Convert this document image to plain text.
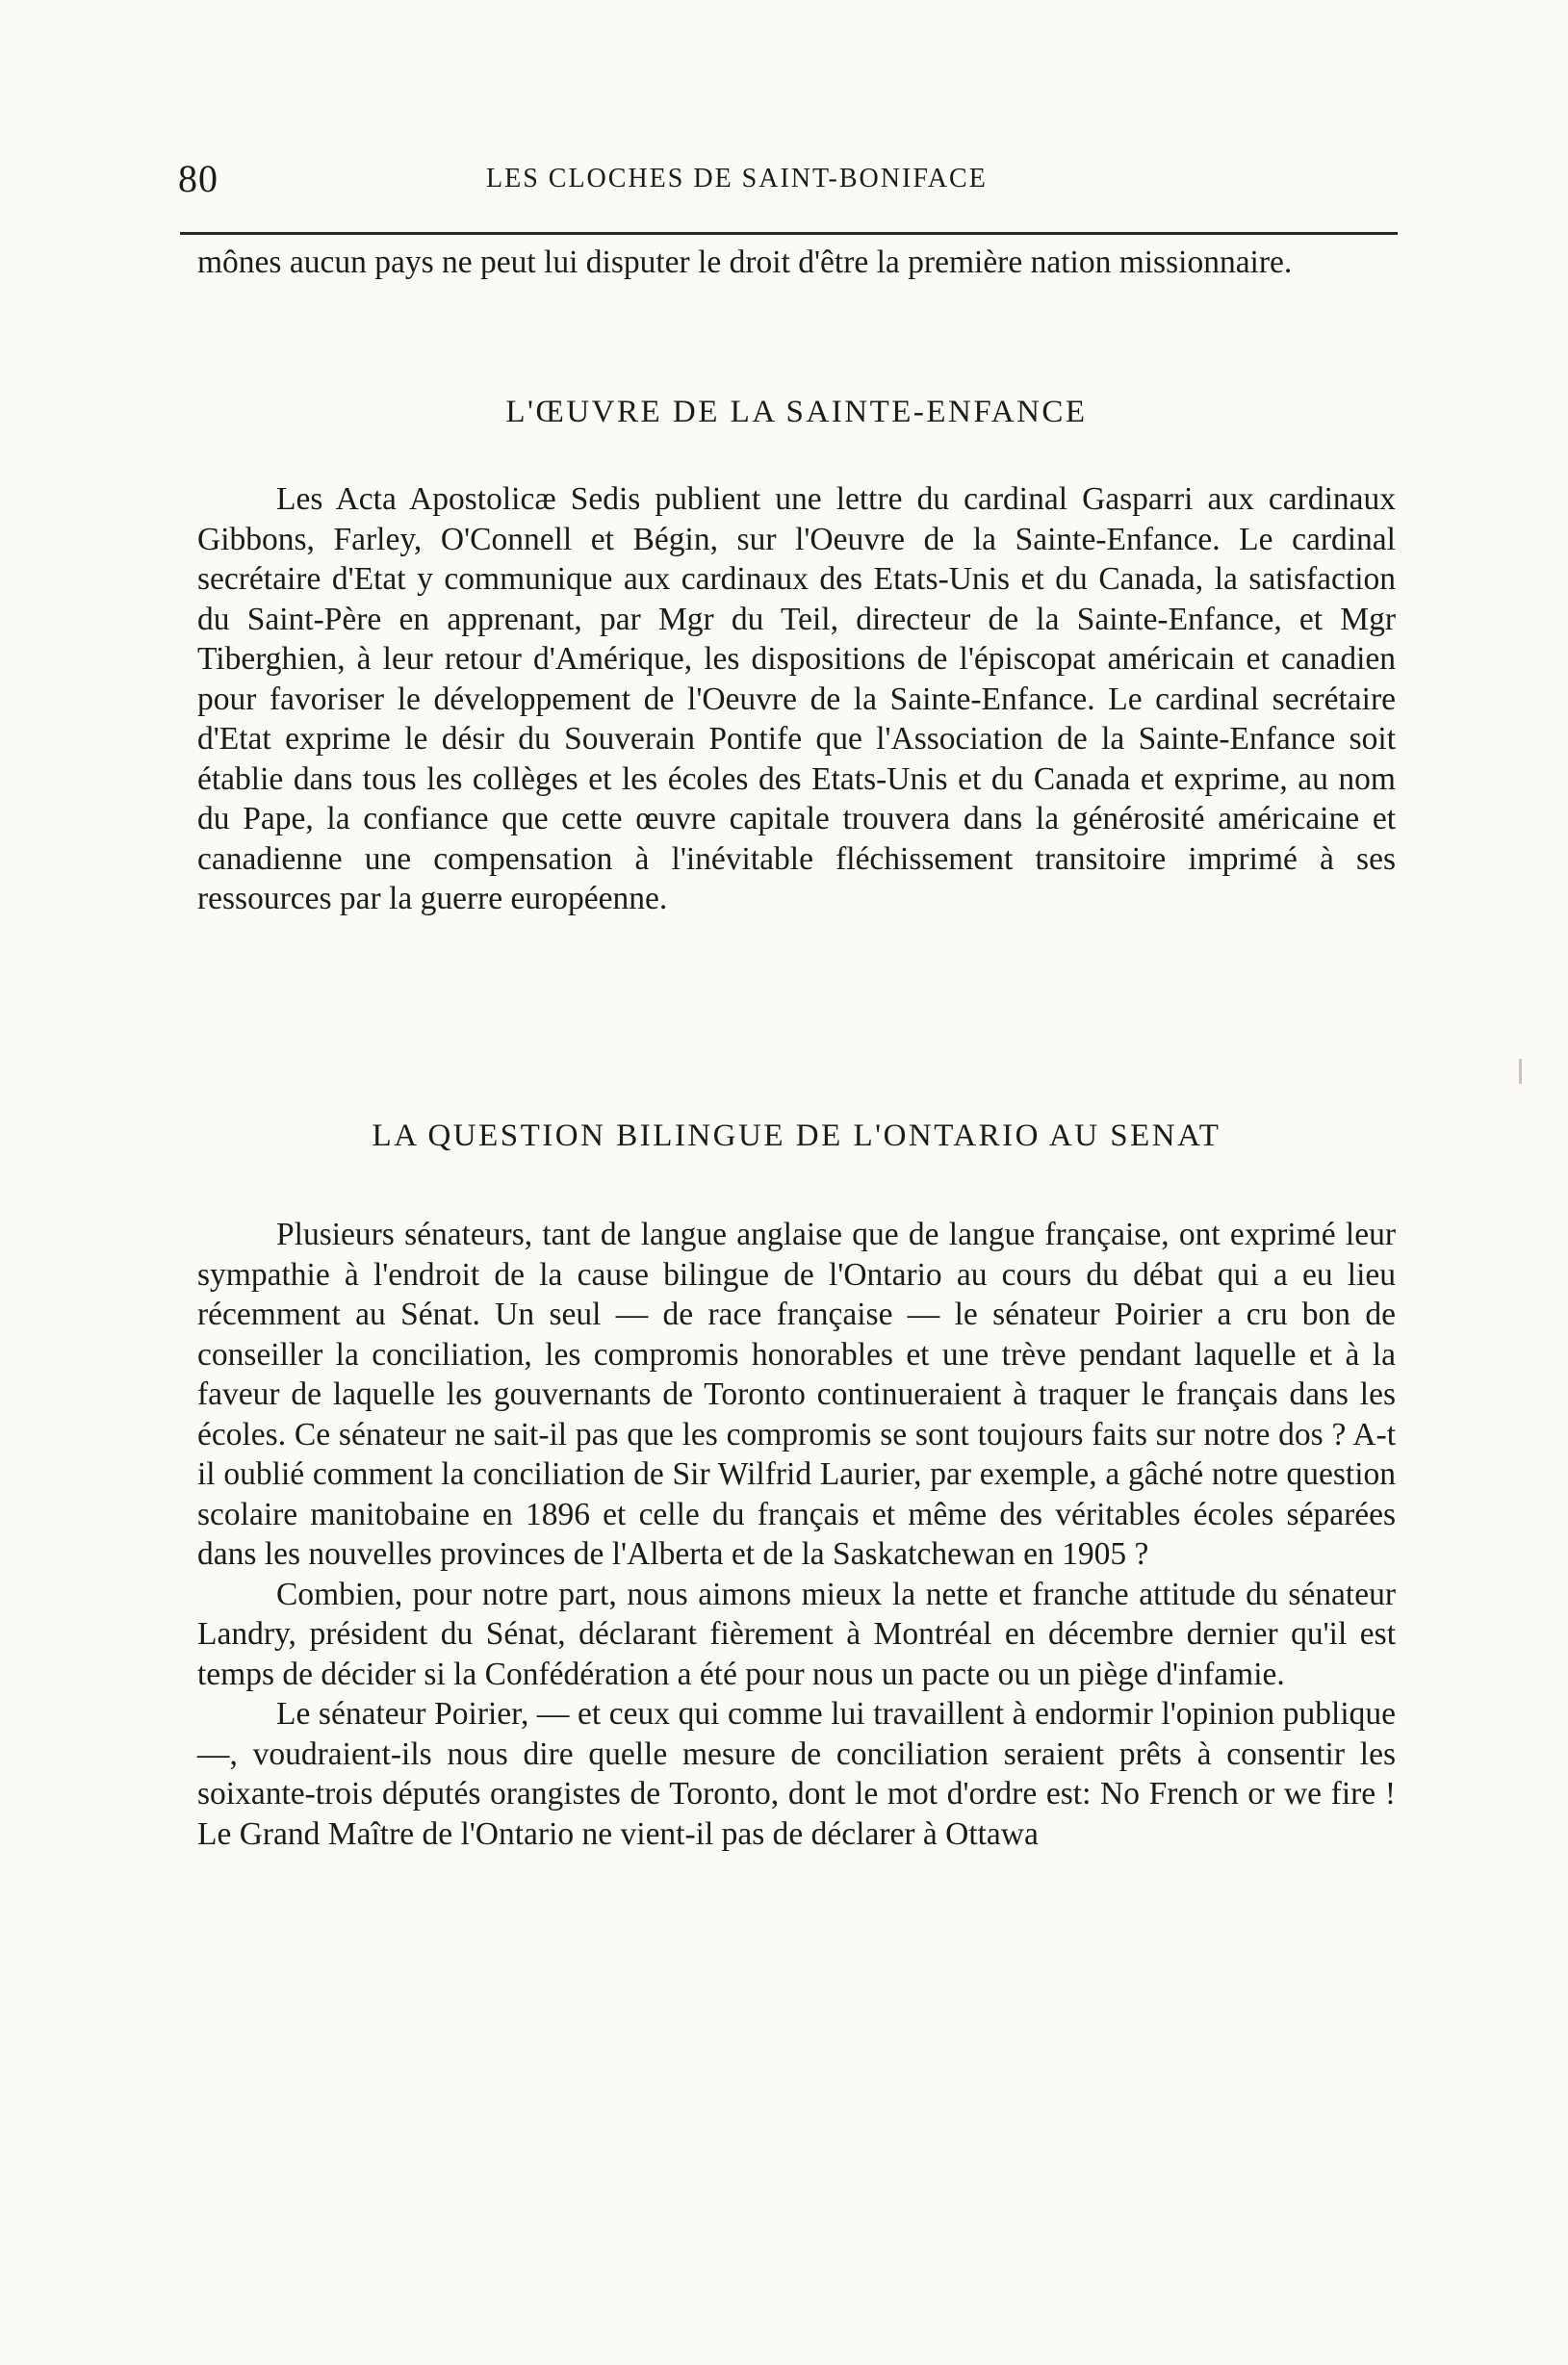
80	LES CLOCHES DE SAINT-BONIFACE

mônes aucun pays ne peut lui disputer le droit d'être la première nation missionnaire.

L'ŒUVRE DE LA SAINTE-ENFANCE

Les Acta Apostolicæ Sedis publient une lettre du cardinal Gasparri aux cardinaux Gibbons, Farley, O'Connell et Bégin, sur l'Oeuvre de la Sainte-Enfance. Le cardinal secrétaire d'Etat y communique aux cardinaux des Etats-Unis et du Canada, la satisfaction du Saint-Père en apprenant, par Mgr du Teil, directeur de la Sainte-Enfance, et Mgr Tiberghien, à leur retour d'Amérique, les dispositions de l'épiscopat américain et canadien pour favoriser le développement de l'Oeuvre de la Sainte-Enfance. Le cardinal secrétaire d'Etat exprime le désir du Souverain Pontife que l'Association de la Sainte-Enfance soit établie dans tous les collèges et les écoles des Etats-Unis et du Canada et exprime, au nom du Pape, la confiance que cette œuvre capitale trouvera dans la générosité américaine et canadienne une compensation à l'inévitable fléchissement transitoire imprimé à ses ressources par la guerre européenne.

LA QUESTION BILINGUE DE L'ONTARIO AU SENAT

Plusieurs sénateurs, tant de langue anglaise que de langue française, ont exprimé leur sympathie à l'endroit de la cause bilingue de l'Ontario au cours du débat qui a eu lieu récemment au Sénat. Un seul — de race française — le sénateur Poirier a cru bon de conseiller la conciliation, les compromis honorables et une trève pendant laquelle et à la faveur de laquelle les gouvernants de Toronto continueraient à traquer le français dans les écoles. Ce sénateur ne sait-il pas que les compromis se sont toujours faits sur notre dos ? A-t il oublié comment la conciliation de Sir Wilfrid Laurier, par exemple, a gâché notre question scolaire manitobaine en 1896 et celle du français et même des véritables écoles séparées dans les nouvelles provinces de l'Alberta et de la Saskatchewan en 1905 ?

Combien, pour notre part, nous aimons mieux la nette et franche attitude du sénateur Landry, président du Sénat, déclarant fièrement à Montréal en décembre dernier qu'il est temps de décider si la Confédération a été pour nous un pacte ou un piège d'infamie.

Le sénateur Poirier, — et ceux qui comme lui travaillent à endormir l'opinion publique —, voudraient-ils nous dire quelle mesure de conciliation seraient prêts à consentir les soixante-trois députés orangistes de Toronto, dont le mot d'ordre est: No French or we fire ! Le Grand Maître de l'Ontario ne vient-il pas de déclarer à Ottawa
